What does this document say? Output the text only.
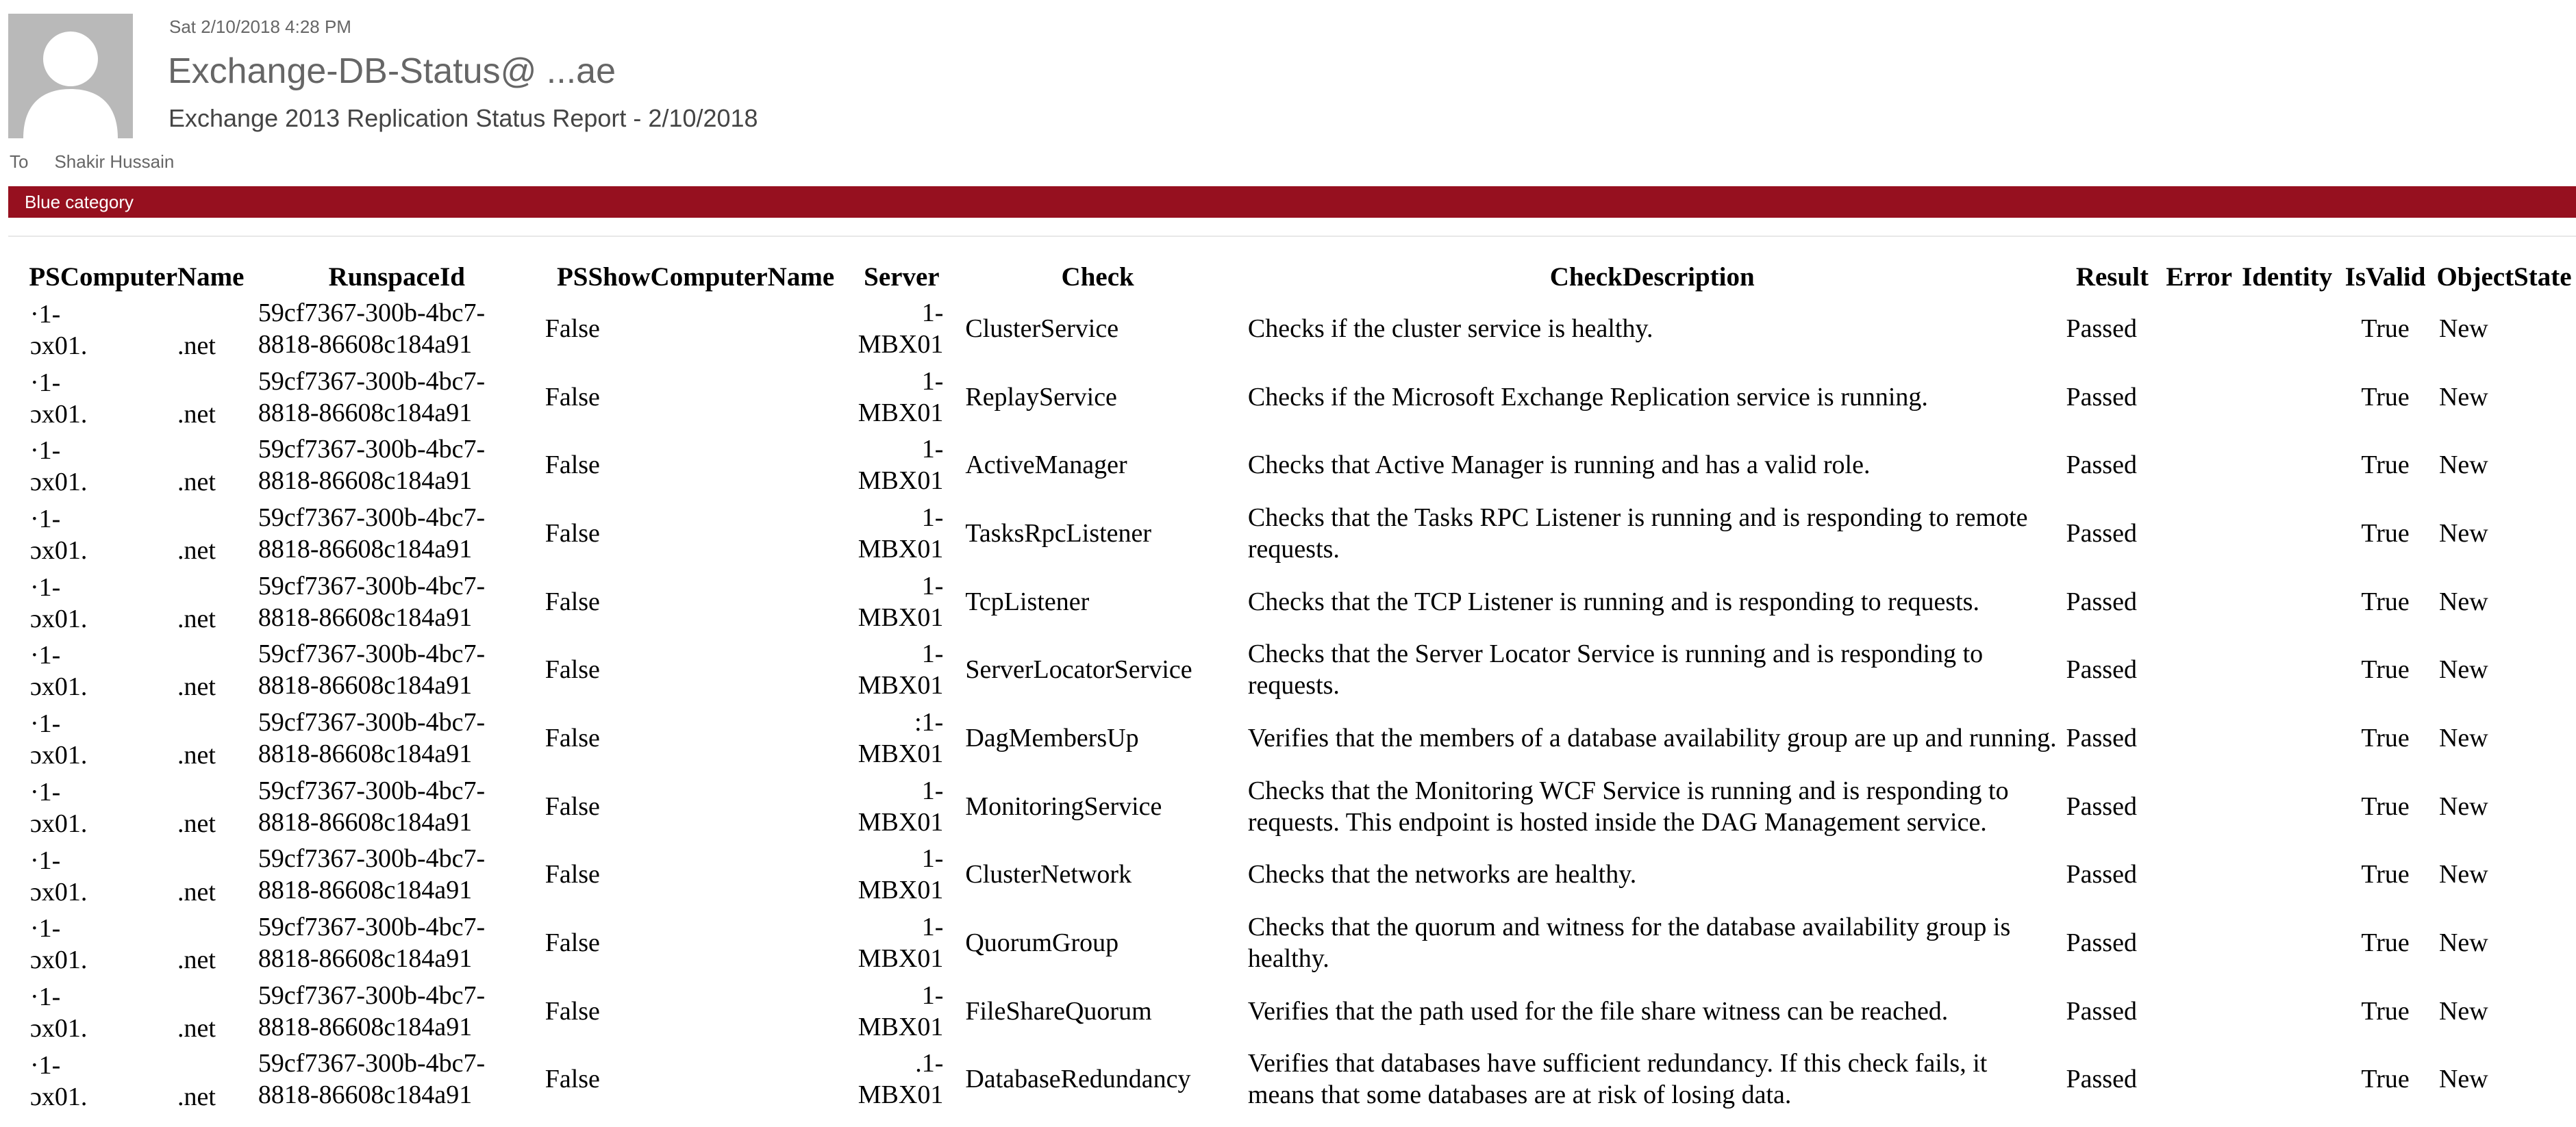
Sat 2/10/2018 4:28 PM
Exchange-DB-Status@ ...ae
Exchange 2013 Replication Status Report - 2/10/2018
To Shakir Hussain
Blue category
PSComputerName	RunspaceId	PSShowComputerName	Server	Check	CheckDescription	Result	Error	Identity	IsValid	ObjectState

·1-
ɔx01. .net	59cf7367-300b-4bc7-8818-86608c184a91	False	1-MBX01	ClusterService	Checks if the cluster service is healthy.	Passed			True	New

·1-
ɔx01. .net	59cf7367-300b-4bc7-8818-86608c184a91	False	1-MBX01	ReplayService	Checks if the Microsoft Exchange Replication service is running.	Passed			True	New

·1-
ɔx01. .net	59cf7367-300b-4bc7-8818-86608c184a91	False	1-MBX01	ActiveManager	Checks that Active Manager is running and has a valid role.	Passed			True	New

·1-
ɔx01. .net	59cf7367-300b-4bc7-8818-86608c184a91	False	1-MBX01	TasksRpcListener	Checks that the Tasks RPC Listener is running and is responding to remote requests.	Passed			True	New

·1-
ɔx01. .net	59cf7367-300b-4bc7-8818-86608c184a91	False	1-MBX01	TcpListener	Checks that the TCP Listener is running and is responding to requests.	Passed			True	New

·1-
ɔx01. .net	59cf7367-300b-4bc7-8818-86608c184a91	False	1-MBX01	ServerLocatorService	Checks that the Server Locator Service is running and is responding to requests.	Passed			True	New

·1-
ɔx01. .net	59cf7367-300b-4bc7-8818-86608c184a91	False	:1-MBX01	DagMembersUp	Verifies that the members of a database availability group are up and running.	Passed			True	New

·1-
ɔx01. .net	59cf7367-300b-4bc7-8818-86608c184a91	False	1-MBX01	MonitoringService	Checks that the Monitoring WCF Service is running and is responding to requests. This endpoint is hosted inside the DAG Management service.	Passed			True	New

·1-
ɔx01. .net	59cf7367-300b-4bc7-8818-86608c184a91	False	1-MBX01	ClusterNetwork	Checks that the networks are healthy.	Passed			True	New

·1-
ɔx01. .net	59cf7367-300b-4bc7-8818-86608c184a91	False	1-MBX01	QuorumGroup	Checks that the quorum and witness for the database availability group is healthy.	Passed			True	New

·1-
ɔx01. .net	59cf7367-300b-4bc7-8818-86608c184a91	False	1-MBX01	FileShareQuorum	Verifies that the path used for the file share witness can be reached.	Passed			True	New

·1-
ɔx01. .net	59cf7367-300b-4bc7-8818-86608c184a91	False	.1-MBX01	DatabaseRedundancy	Verifies that databases have sufficient redundancy. If this check fails, it means that some databases are at risk of losing data.	Passed			True	New
